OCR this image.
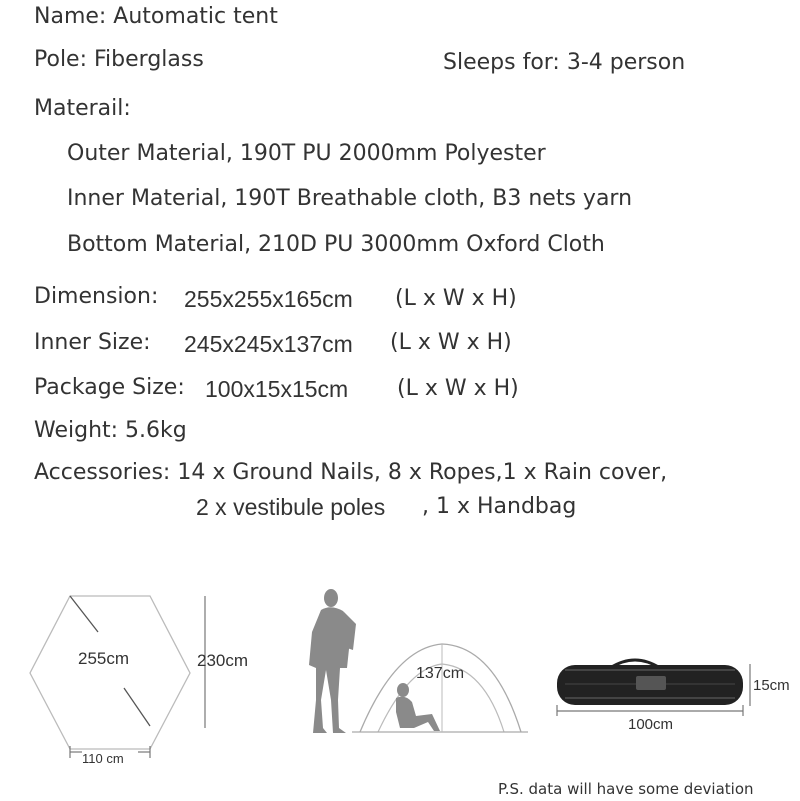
Name: Automatic tent
Pole: Fiberglass	Sleeps for: 3-4 person
Materail:
Outer Material, 190T PU 2000mm Polyester
Inner Material, 190T Breathable cloth, B3 nets yarn
Bottom Material, 210D PU 3000mm Oxford Cloth
Dimension: 255x255x165cm (L x W x H)
Inner Size: 245x245x137cm (L x W x H)
Package Size: 100x15x15cm (L x W x H)
Weight: 5.6kg
Accessories: 14 x Ground Nails, 8 x Ropes,1 x Rain cover,
2 x vestibule poles , 1 x Handbag
255cm	230cm
110 cm
137cm
15cm
100cm
P.S. data will have some deviation
